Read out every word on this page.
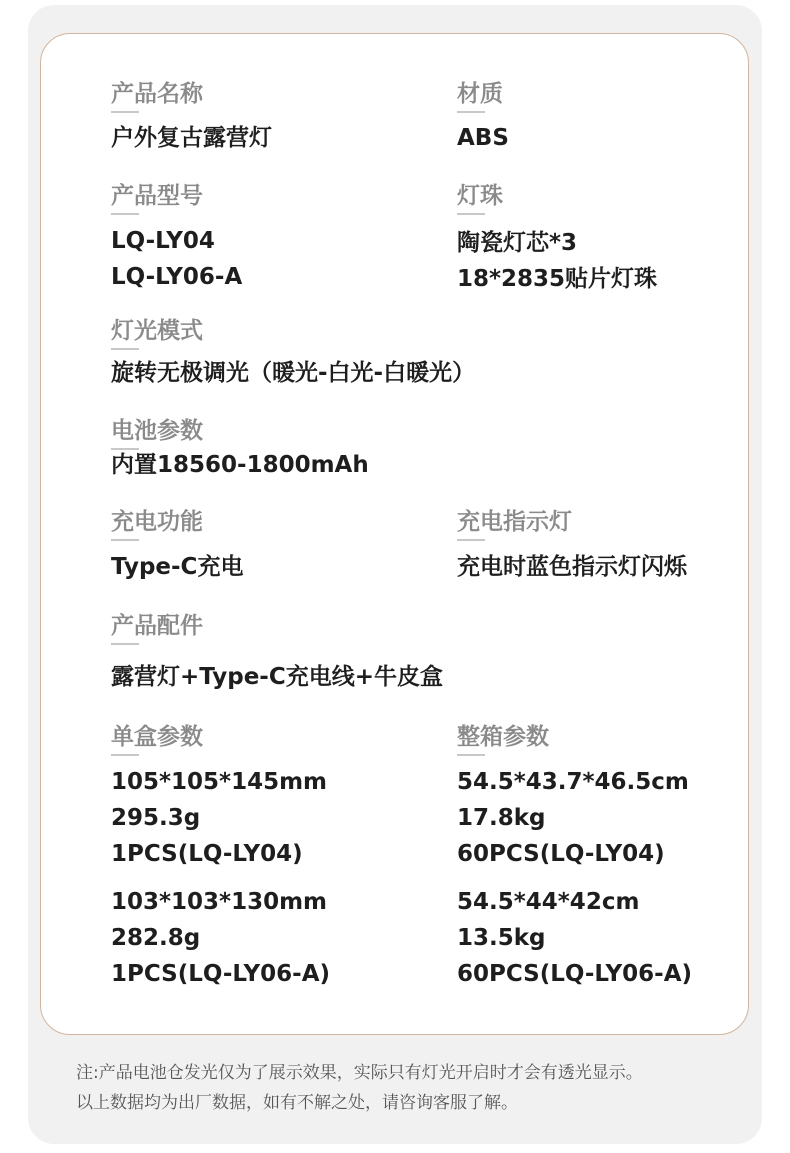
产品名称
户外复古露营灯
材质
ABS
产品型号
LQ-LY04
LQ-LY06-A
灯珠
陶瓷灯芯*3
18*2835贴片灯珠
灯光模式
旋转无极调光（暖光-白光-白暖光）
电池参数
内置18560-1800mAh
充电功能
Type-C充电
充电指示灯
充电时蓝色指示灯闪烁
产品配件
露营灯+Type-C充电线+牛皮盒
单盒参数
105*105*145mm
295.3g
1PCS(LQ-LY04)
103*103*130mm
282.8g
1PCS(LQ-LY06-A)
整箱参数
54.5*43.7*46.5cm
17.8kg
60PCS(LQ-LY04)
54.5*44*42cm
13.5kg
60PCS(LQ-LY06-A)
注:产品电池仓发光仅为了展示效果，实际只有灯光开启时才会有透光显示。
以上数据均为出厂数据，如有不解之处，请咨询客服了解。
